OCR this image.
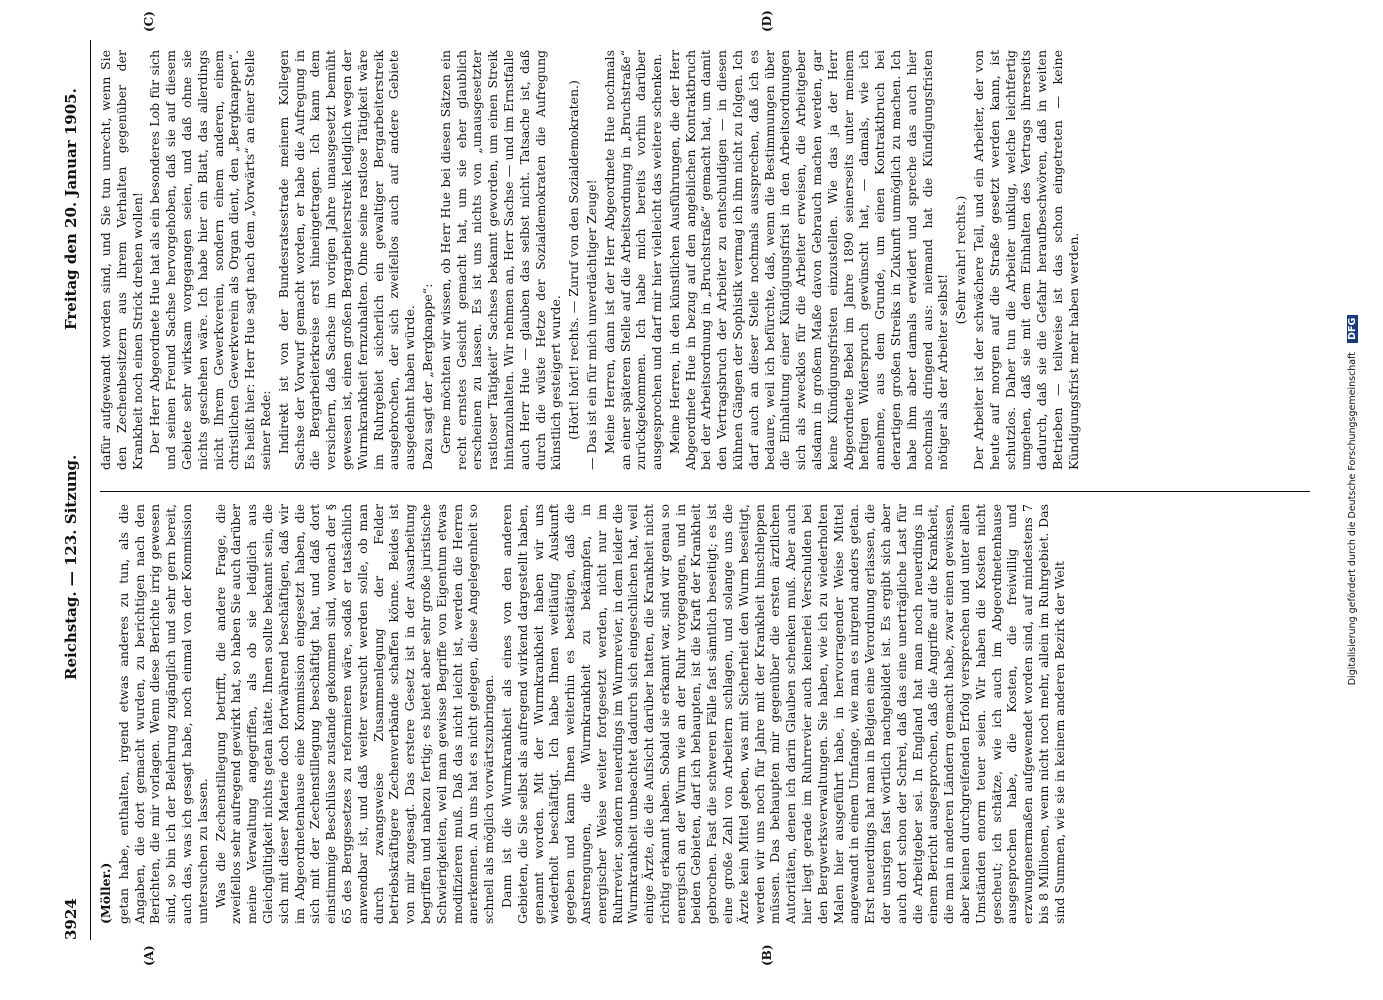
3924
Reichstag. — 123. Sitzung.
Freitag den 20. Januar 1905.
(A)	(B)
(C)	(D)

(Möller.) getan habe, enthalten, irgend etwas anderes zu tun, als die Angaben, die dort gemacht wurden, zu berichtigen nach den Berichten, die mir vorlagen. Wenn diese Berichte irrig gewesen sind, so bin ich der Belehrung zugänglich und sehr gern bereit, auch das, was ich gesagt habe, noch einmal von der Kommission untersuchen zu lassen. Was die Zechenstillegung betrifft, die andere Frage, die zweifellos sehr aufregend gewirkt hat, so haben Sie auch darüber meine Verwaltung angegriffen, als ob sie lediglich aus Gleichgültigkeit nichts getan hätte. Ihnen sollte bekannt sein, die sich mit dieser Materie doch fortwährend beschäftigen, daß wir im Abgeordnetenhause eine Kommission eingesetzt haben, die sich mit der Zechenstillegung beschäftigt hat, und daß dort einstimmige Beschlüsse zustande gekommen sind, wonach der § 65 des Berggesetzes zu reformieren wäre, sodaß er tatsächlich anwendbar ist, und daß weiter versucht werden solle, ob man durch zwangsweise Zusammenlegung der Felder betriebskräftigere Zechenverbände schaffen könne. Beides ist von mir zugesagt. Das erstere Gesetz ist in der Ausarbeitung begriffen und nahezu fertig; es bietet aber sehr große juristische Schwierigkeiten, weil man gewisse Begriffe von Eigentum etwas modifizieren muß. Daß das nicht leicht ist, werden die Herren anerkennen. An uns hat es nicht gelegen, diese Angelegenheit so schnell als möglich vorwärtszubringen. Dann ist die Wurmkrankheit als eines von den anderen Gebieten, die Sie selbst als aufregend wirkend dargestellt haben, genannt worden. Mit der Wurmkrankheit haben wir uns wiederholt beschäftigt. Ich habe Ihnen weitläufig Auskunft gegeben und kann Ihnen weiterhin es bestätigen, daß die Anstrengungen, die Wurmkrankheit zu bekämpfen, in energischer Weise weiter fortgesetzt werden, nicht nur im Ruhrrevier, sondern neuerdings im Wurmrevier, in dem leider die Wurmkrankheit unbeachtet dadurch sich eingeschlichen hat, weil einige Ärzte, die die Aufsicht darüber hatten, die Krankheit nicht richtig erkannt haben. Sobald sie erkannt war, sind wir genau so energisch an der Wurm wie an der Ruhr vorgegangen, und in beiden Gebieten, darf ich behaupten, ist die Kraft der Krankheit gebrochen. Fast die schweren Fälle fast sämtlich beseitigt; es ist eine große Zahl von Arbeitern schlagen, und solange uns die Ärzte kein Mittel geben, was mit Sicherheit den Wurm beseitigt, werden wir uns noch für Jahre mit der Krankheit hinschleppen müssen. Das behaupten mir gegenüber die ersten ärztlichen Autoritäten, denen ich darin Glauben schenken muß. Aber auch hier liegt gerade im Ruhrrevier auch keinerlei Verschulden bei den Bergwerksverwaltungen. Sie haben, wie ich zu wiederholten Malen hier ausgeführt habe, in hervorragender Weise Mittel angewandt in einem Umfange, wie man es nirgend anders getan. Erst neuerdings hat man in Belgien eine Verordnung erlassen, die der unsrigen fast wörtlich nachgebildet ist. Es ergibt sich aber auch dort schon der Schrei, daß das eine unerträgliche Last für die Arbeitgeber sei. In England hat man noch neuerdings in einem Bericht ausgesprochen, daß die Angriffe auf die Krankheit, die man in anderen Ländern gemacht habe, zwar einen gewissen, aber keinen durchgreifenden Erfolg versprechen und unter allen Umständen enorm teuer seien. Wir haben die Kosten nicht gescheut; ich schätze, wie ich auch im Abgeordnetenhause ausgesprochen habe, die Kosten, die freiwillig und erzwungenermaßen aufgewendet worden sind, auf mindestens 7 bis 8 Millionen, wenn nicht noch mehr, allein im Ruhrgebiet. Das sind Summen, wie sie in keinem anderen Bezirk der Welt

dafür aufgewandt worden sind, und Sie tun unrecht, wenn Sie den Zechenbesitzern aus ihrem Verhalten gegenüber der Krankheit noch einen Strick drehen wollen! Der Herr Abgeordnete Hue hat als ein besonderes Lob für sich und seinen Freund Sachse hervorgehoben, daß sie auf diesem Gebiete sehr wirksam vorgegangen seien, und daß ohne sie nichts geschehen wäre. Ich habe hier ein Blatt, das allerdings nicht Ihrem Gewerkverein, sondern einem anderen, einem christlichen Gewerkverein als Organ dient, den „Bergknappen“. Es heißt hier: Herr Hue sagt nach dem „Vorwärts“ an einer Stelle seiner Rede: Indirekt ist von der Bundesratsestrade meinem Kollegen Sachse der Vorwurf gemacht worden, er habe die Aufregung in die Bergarbeiterkreise erst hineingetragen. Ich kann dem versichern, daß Sachse im vorigen Jahre unausgesetzt bemüht gewesen ist, einen großen Bergarbeiterstreik lediglich wegen der Wurmkrankheit fernzuhalten. Ohne seine rastlose Tätigkeit wäre im Ruhrgebiet sicherlich ein gewaltiger Bergarbeiterstreik ausgebrochen, der sich zweifellos auch auf andere Gebiete ausgedehnt haben würde. Dazu sagt der „Bergknappe“: Gerne möchten wir wissen, ob Herr Hue bei diesen Sätzen ein recht ernstes Gesicht gemacht hat, um sie eher glaublich erscheinen zu lassen. Es ist uns nichts von „unausgesetzter rastloser Tätigkeit“ Sachses bekannt geworden, um einen Streik hintanzuhalten. Wir nehmen an, Herr Sachse — und im Ernstfalle auch Herr Hue — glauben das selbst nicht. Tatsache ist, daß durch die wüste Hetze der Sozialdemokraten die Aufregung künstlich gesteigert wurde. (Hört! hört! rechts. — Zuruf von den Sozialdemokraten.) — Das ist ein für mich unverdächtiger Zeuge! Meine Herren, dann ist der Herr Abgeordnete Hue nochmals an einer späteren Stelle auf die Arbeitsordnung in „Bruchstraße“ zurückgekommen. Ich habe mich bereits vorhin darüber ausgesprochen und darf mir hier vielleicht das weitere schenken. Meine Herren, in den künstlichen Ausführungen, die der Herr Abgeordnete Hue in bezug auf den angeblichen Kontraktbruch bei der Arbeitsordnung in „Bruchstraße“ gemacht hat, um damit den Vertragsbruch der Arbeiter zu entschuldigen — in diesen kühnen Gängen der Sophistik vermag ich ihm nicht zu folgen. Ich darf auch an dieser Stelle nochmals aussprechen, daß ich es bedaure, weil ich befürchte, daß, wenn die Bestimmungen über die Einhaltung einer Kündigungsfrist in den Arbeitsordnungen sich als zwecklos für die Arbeiter erweisen, die Arbeitgeber alsdann in großem Maße davon Gebrauch machen werden, gar keine Kündigungsfristen einzustellen. Wie das ja der Herr Abgeordnete Bebel im Jahre 1890 seinerseits unter meinem heftigen Widerspruch gewünscht hat, — damals, wie ich annehme, aus dem Grunde, um einen Kontraktbruch bei derartigen großen Streiks in Zukunft unmöglich zu machen. Ich habe ihm aber damals erwidert und spreche das auch hier nochmals dringend aus: niemand hat die Kündigungsfristen nötiger als der Arbeiter selbst!

(Sehr wahr! rechts.) Der Arbeiter ist der schwächere Teil, und ein Arbeiter, der von heute auf morgen auf die Straße gesetzt werden kann, ist schutzlos. Daher tun die Arbeiter unklug, welche leichtfertig umgehen, daß sie mit dem Einhalten des Vertrags ihrerseits dadurch, daß sie die Gefahr heraufbeschwören, daß in weiten Betrieben — teilweise ist das schon eingetreten — keine Kündigungsfrist mehr haben werden.

Digitalisierung gefördert durch die Deutsche Forschungsgemeinschaft DFG
